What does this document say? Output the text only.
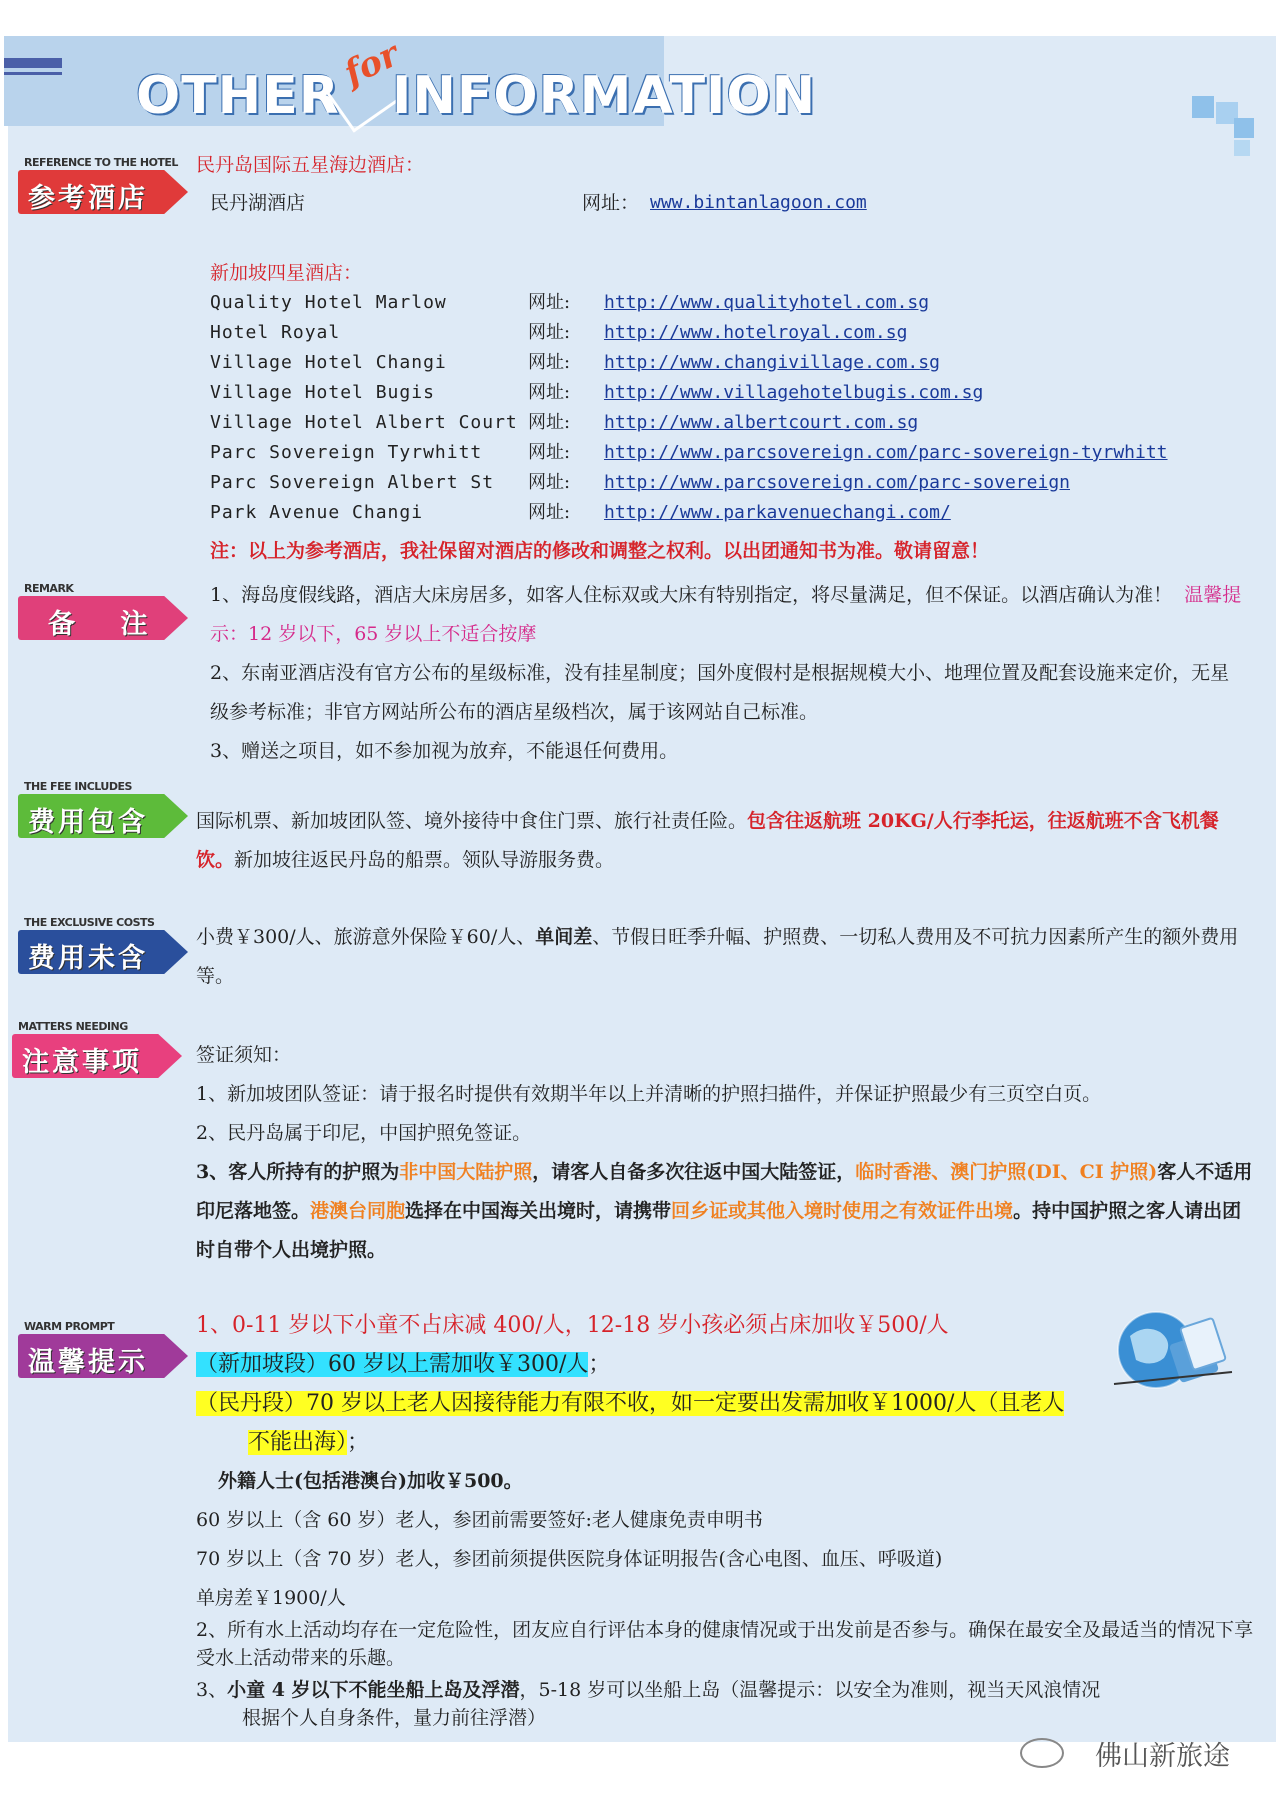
OTHER
for
INFORMATION
REFERENCE TO THE HOTEL
参考酒店
民丹岛国际五星海边酒店：
民丹湖酒店	网址： www.bintanlagoon.com
新加坡四星酒店：
Quality Hotel Marlow	网址:	http://www.qualityhotel.com.sg
Hotel Royal	网址:	http://www.hotelroyal.com.sg
Village Hotel Changi	网址:	http://www.changivillage.com.sg
Village Hotel Bugis	网址:	http://www.villagehotelbugis.com.sg
Village Hotel Albert Court 网址:	http://www.albertcourt.com.sg
Parc Sovereign Tyrwhitt	网址:	http://www.parcsovereign.com/parc-sovereign-tyrwhitt
Parc Sovereign Albert St	网址:	http://www.parcsovereign.com/parc-sovereign
Park Avenue Changi	网址:	http://www.parkavenuechangi.com/
注：以上为参考酒店，我社保留对酒店的修改和调整之权利。以出团通知书为准。敬请留意！
REMARK
备 注
1、海岛度假线路，酒店大床房居多，如客人住标双或大床有特别指定，将尽量满足，但不保证。以酒店确认为准！ 温馨提示：12 岁以下，65 岁以上不适合按摩
2、东南亚酒店没有官方公布的星级标准，没有挂星制度；国外度假村是根据规模大小、地理位置及配套设施来定价，无星级参考标准；非官方网站所公布的酒店星级档次，属于该网站自己标准。
3、赠送之项目，如不参加视为放弃，不能退任何费用。
THE FEE INCLUDES
费用包含	国际机票、新加坡团队签、境外接待中食住门票、旅行社责任险。包含往返航班 20KG/人行李托运，往返航班不含飞机餐饮。新加坡往返民丹岛的船票。领队导游服务费。
THE EXCLUSIVE COSTS
费用未含
小费￥300/人、旅游意外保险￥60/人、单间差、节假日旺季升幅、护照费、一切私人费用及不可抗力因素所产生的额外费用等。
MATTERS NEEDING
注意事项	签证须知：
1、新加坡团队签证：请于报名时提供有效期半年以上并清晰的护照扫描件，并保证护照最少有三页空白页。
2、民丹岛属于印尼，中国护照免签证。
3、客人所持有的护照为非中国大陆护照，请客人自备多次往返中国大陆签证，临时香港、澳门护照(DI、CI 护照)客人不适用印尼落地签。港澳台同胞选择在中国海关出境时，请携带回乡证或其他入境时使用之有效证件出境。持中国护照之客人请出团时自带个人出境护照。
WARM PROMPT
温馨提示
1、0-11 岁以下小童不占床减 400/人，12-18 岁小孩必须占床加收￥500/人
（新加坡段）60 岁以上需加收￥300/人；
（民丹段）70 岁以上老人因接待能力有限不收，如一定要出发需加收￥1000/人（且老人
不能出海）；
外籍人士(包括港澳台)加收￥500。
60 岁以上（含 60 岁）老人，参团前需要签好:老人健康免责申明书
70 岁以上（含 70 岁）老人，参团前须提供医院身体证明报告(含心电图、血压、呼吸道)
单房差￥1900/人
2、所有水上活动均存在一定危险性，团友应自行评估本身的健康情况或于出发前是否参与。确保在最安全及最适当的情况下享受水上活动带来的乐趣。
3、小童 4 岁以下不能坐船上岛及浮潜，5-18 岁可以坐船上岛（温馨提示：以安全为准则，视当天风浪情况
根据个人自身条件，量力前往浮潜）
佛山新旅途
